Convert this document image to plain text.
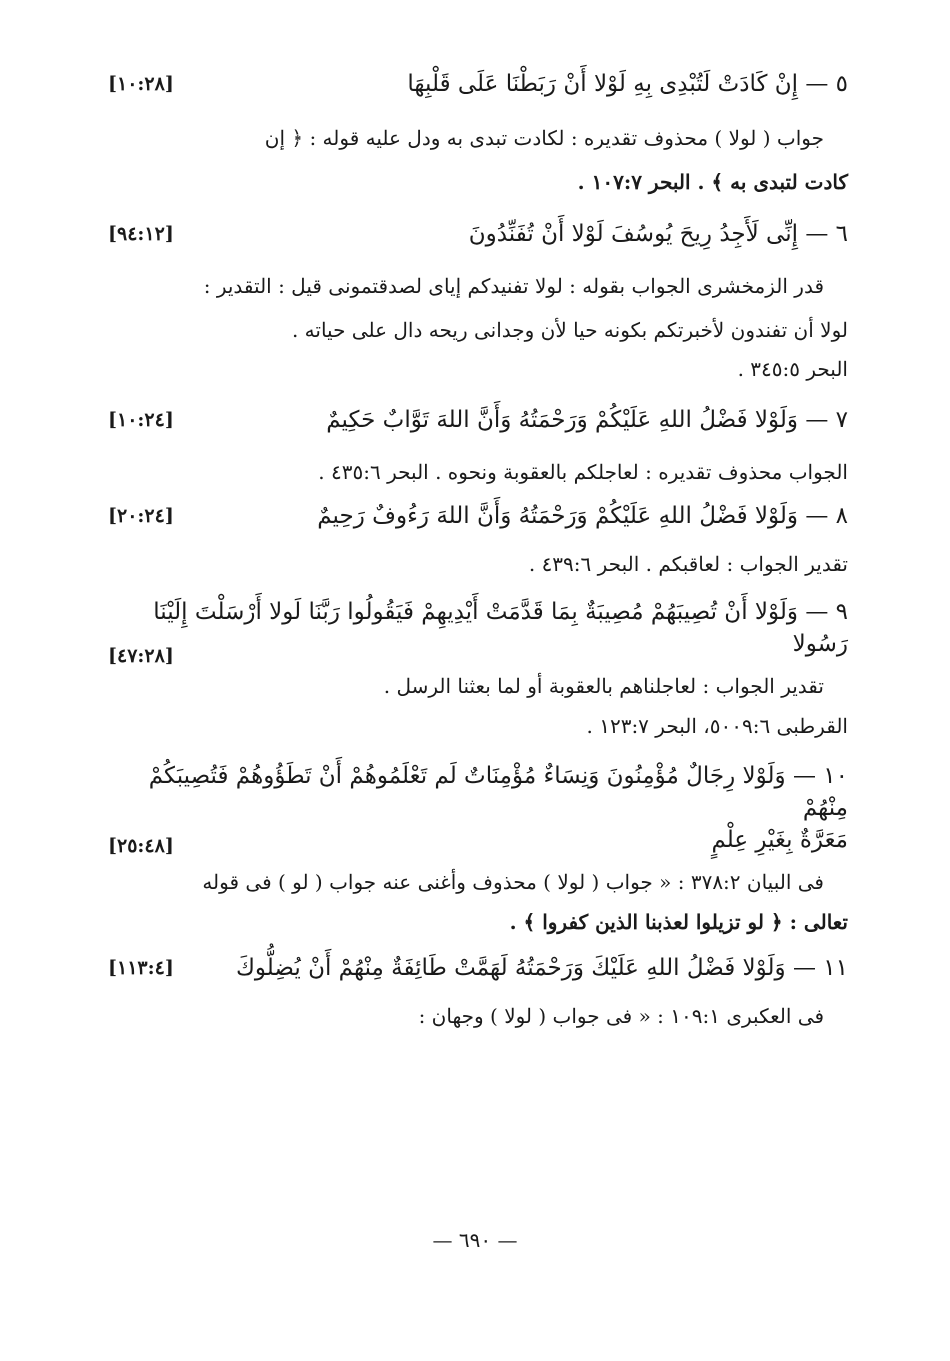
٥ — إِنْ كَادَتْ لَتُبْدِى بِهِ لَوْلا أَنْ رَبَطْنَا عَلَى قَلْبِهَا
[١٠:٢٨]
جواب ( لولا ) محذوف تقديره : لكادت تبدى به ودل عليه قوله : ﴿ إن
كادت لتبدى به ﴾ . البحر ١٠٧:٧ .
٦ — إِنِّى لَأَجِدُ رِيحَ يُوسُفَ لَوْلا أَنْ تُفَنِّدُونَ
[٩٤:١٢]
قدر الزمخشرى الجواب بقوله : لولا تفنيدكم إياى لصدقتمونى قيل : التقدير :
لولا أن تفندون لأخبرتكم بكونه حيا لأن وجدانى ريحه دال على حياته .
البحر ٣٤٥:٥ .
٧ — وَلَوْلا فَضْلُ اللهِ عَلَيْكُمْ وَرَحْمَتُهُ وَأَنَّ اللهَ تَوَّابٌ حَكِيمٌ
[١٠:٢٤]
الجواب محذوف تقديره : لعاجلكم بالعقوبة ونحوه . البحر ٤٣٥:٦ .
٨ — وَلَوْلا فَضْلُ اللهِ عَلَيْكُمْ وَرَحْمَتُهُ وَأَنَّ اللهَ رَءُوفٌ رَحِيمٌ
[٢٠:٢٤]
تقدير الجواب : لعاقبكم . البحر ٤٣٩:٦ .
٩ — وَلَوْلا أَنْ تُصِيبَهُمْ مُصِيبَةٌ بِمَا قَدَّمَتْ أَيْدِيهِمْ فَيَقُولُوا رَبَّنَا لَولا أَرْسَلْتَ إِلَيْنَا
رَسُولا
[٤٧:٢٨]
تقدير الجواب : لعاجلناهم بالعقوبة أو لما بعثنا الرسل .
القرطبى ٥٠٠٩:٦، البحر ١٢٣:٧ .
١٠ — وَلَوْلا رِجَالٌ مُؤْمِنُونَ وَنِسَاءٌ مُؤْمِنَاتٌ لَم تَعْلَمُوهُمْ أَنْ تَطَؤُوهُمْ فَتُصِيبَكُمْ مِنْهُمْ
مَعَرَّةٌ بِغَيْرِ عِلْمٍ
[٢٥:٤٨]
فى البيان ٣٧٨:٢ : « جواب ( لولا ) محذوف وأغنى عنه جواب ( لو ) فى قوله
تعالى : ﴿ لو تزيلوا لعذبنا الذين كفروا ﴾ .
١١ — وَلَوْلا فَضْلُ اللهِ عَلَيْكَ وَرَحْمَتُهُ لَهَمَّتْ طَائِفَةٌ مِنْهُمْ أَنْ يُضِلُّوكَ
[١١٣:٤]
فى العكبرى ١٠٩:١ : « فى جواب ( لولا ) وجهان :
— ٦٩٠ —
